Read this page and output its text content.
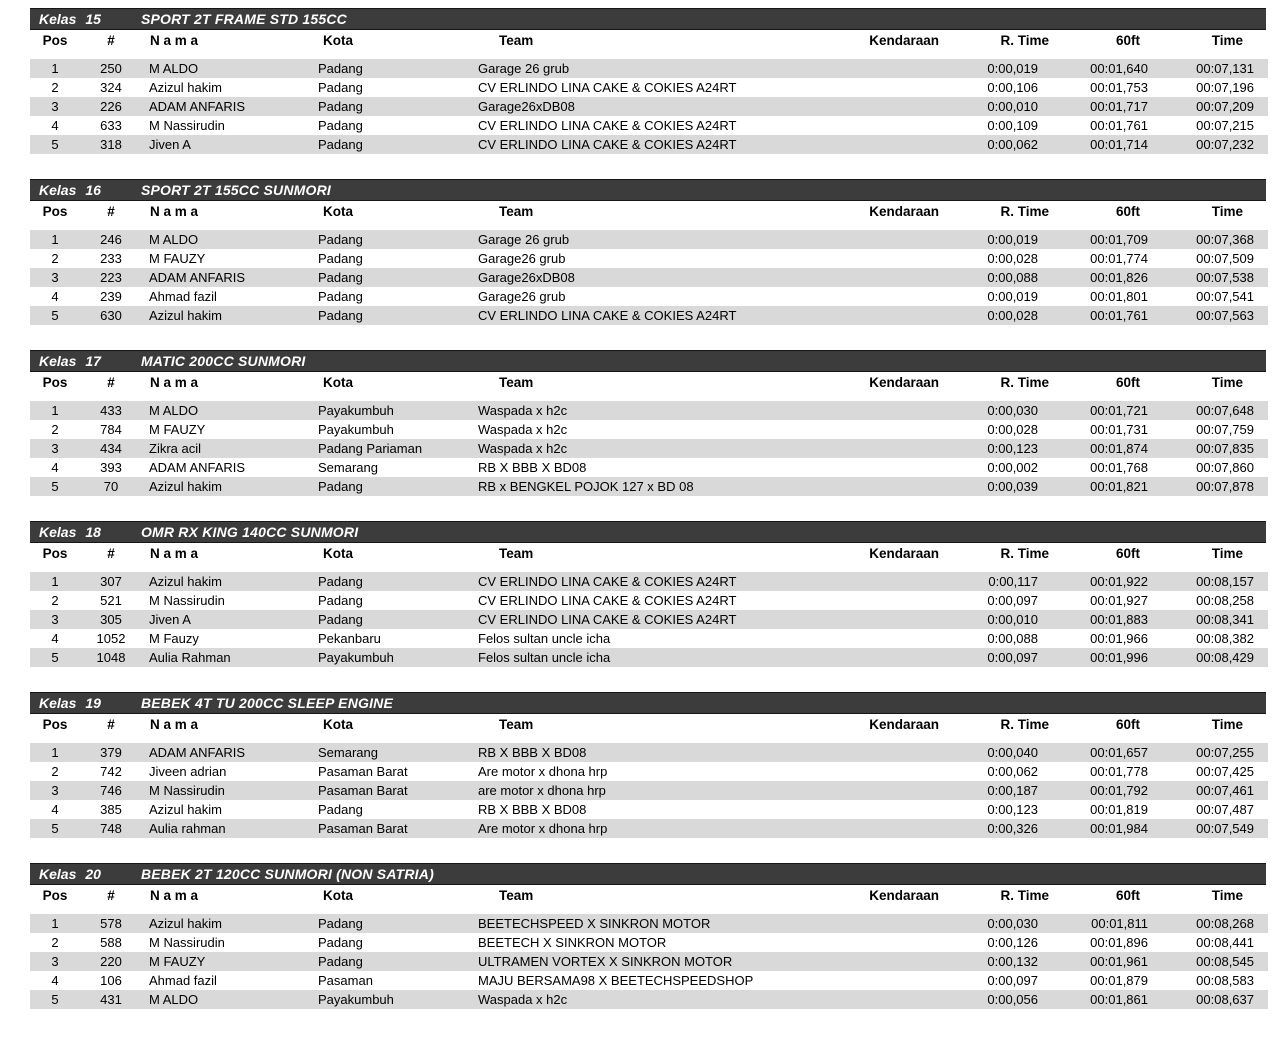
Kelas 15	SPORT 2T FRAME STD 155CC
Pos	#	N a m a	Kota	Team	Kendaraan	R. Time	60ft	Time
1	250	M ALDO	Padang	Garage 26 grub		0:00,019	00:01,640	00:07,131
2	324	Azizul hakim	Padang	CV ERLINDO LINA CAKE & COKIES A24RT		0:00,106	00:01,753	00:07,196
3	226	ADAM ANFARIS	Padang	Garage26xDB08		0:00,010	00:01,717	00:07,209
4	633	M Nassirudin	Padang	CV ERLINDO LINA CAKE & COKIES A24RT		0:00,109	00:01,761	00:07,215
5	318	Jiven A	Padang	CV ERLINDO LINA CAKE & COKIES A24RT		0:00,062	00:01,714	00:07,232
Kelas 16	SPORT 2T 155CC SUNMORI
Pos	#	N a m a	Kota	Team	Kendaraan	R. Time	60ft	Time
1	246	M ALDO	Padang	Garage 26 grub		0:00,019	00:01,709	00:07,368
2	233	M FAUZY	Padang	Garage26 grub		0:00,028	00:01,774	00:07,509
3	223	ADAM ANFARIS	Padang	Garage26xDB08		0:00,088	00:01,826	00:07,538
4	239	Ahmad fazil	Padang	Garage26 grub		0:00,019	00:01,801	00:07,541
5	630	Azizul hakim	Padang	CV ERLINDO LINA CAKE & COKIES A24RT		0:00,028	00:01,761	00:07,563
Kelas 17	MATIC 200CC SUNMORI
Pos	#	N a m a	Kota	Team	Kendaraan	R. Time	60ft	Time
1	433	M ALDO	Payakumbuh	Waspada x h2c		0:00,030	00:01,721	00:07,648
2	784	M FAUZY	Payakumbuh	Waspada x h2c		0:00,028	00:01,731	00:07,759
3	434	Zikra acil	Padang Pariaman	Waspada x h2c		0:00,123	00:01,874	00:07,835
4	393	ADAM ANFARIS	Semarang	RB X BBB X BD08		0:00,002	00:01,768	00:07,860
5	70	Azizul hakim	Padang	RB x BENGKEL POJOK 127 x BD 08		0:00,039	00:01,821	00:07,878
Kelas 18	OMR RX KING 140CC SUNMORI
Pos	#	N a m a	Kota	Team	Kendaraan	R. Time	60ft	Time
1	307	Azizul hakim	Padang	CV ERLINDO LINA CAKE & COKIES A24RT		0:00,117	00:01,922	00:08,157
2	521	M Nassirudin	Padang	CV ERLINDO LINA CAKE & COKIES A24RT		0:00,097	00:01,927	00:08,258
3	305	Jiven A	Padang	CV ERLINDO LINA CAKE & COKIES A24RT		0:00,010	00:01,883	00:08,341
4	1052	M Fauzy	Pekanbaru	Felos sultan uncle icha		0:00,088	00:01,966	00:08,382
5	1048	Aulia Rahman	Payakumbuh	Felos sultan uncle icha		0:00,097	00:01,996	00:08,429
Kelas 19	BEBEK 4T TU 200CC SLEEP ENGINE
Pos	#	N a m a	Kota	Team	Kendaraan	R. Time	60ft	Time
1	379	ADAM ANFARIS	Semarang	RB X BBB X BD08		0:00,040	00:01,657	00:07,255
2	742	Jiveen adrian	Pasaman Barat	Are motor x dhona hrp		0:00,062	00:01,778	00:07,425
3	746	M Nassirudin	Pasaman Barat	are motor x dhona hrp		0:00,187	00:01,792	00:07,461
4	385	Azizul hakim	Padang	RB X BBB X BD08		0:00,123	00:01,819	00:07,487
5	748	Aulia rahman	Pasaman Barat	Are motor x dhona hrp		0:00,326	00:01,984	00:07,549
Kelas 20	BEBEK 2T 120CC SUNMORI (NON SATRIA)
Pos	#	N a m a	Kota	Team	Kendaraan	R. Time	60ft	Time
1	578	Azizul hakim	Padang	BEETECHSPEED X SINKRON MOTOR		0:00,030	00:01,811	00:08,268
2	588	M Nassirudin	Padang	BEETECH X SINKRON MOTOR		0:00,126	00:01,896	00:08,441
3	220	M FAUZY	Padang	ULTRAMEN VORTEX X SINKRON MOTOR		0:00,132	00:01,961	00:08,545
4	106	Ahmad fazil	Pasaman	MAJU BERSAMA98 X BEETECHSPEEDSHOP		0:00,097	00:01,879	00:08,583
5	431	M ALDO	Payakumbuh	Waspada x h2c		0:00,056	00:01,861	00:08,637
